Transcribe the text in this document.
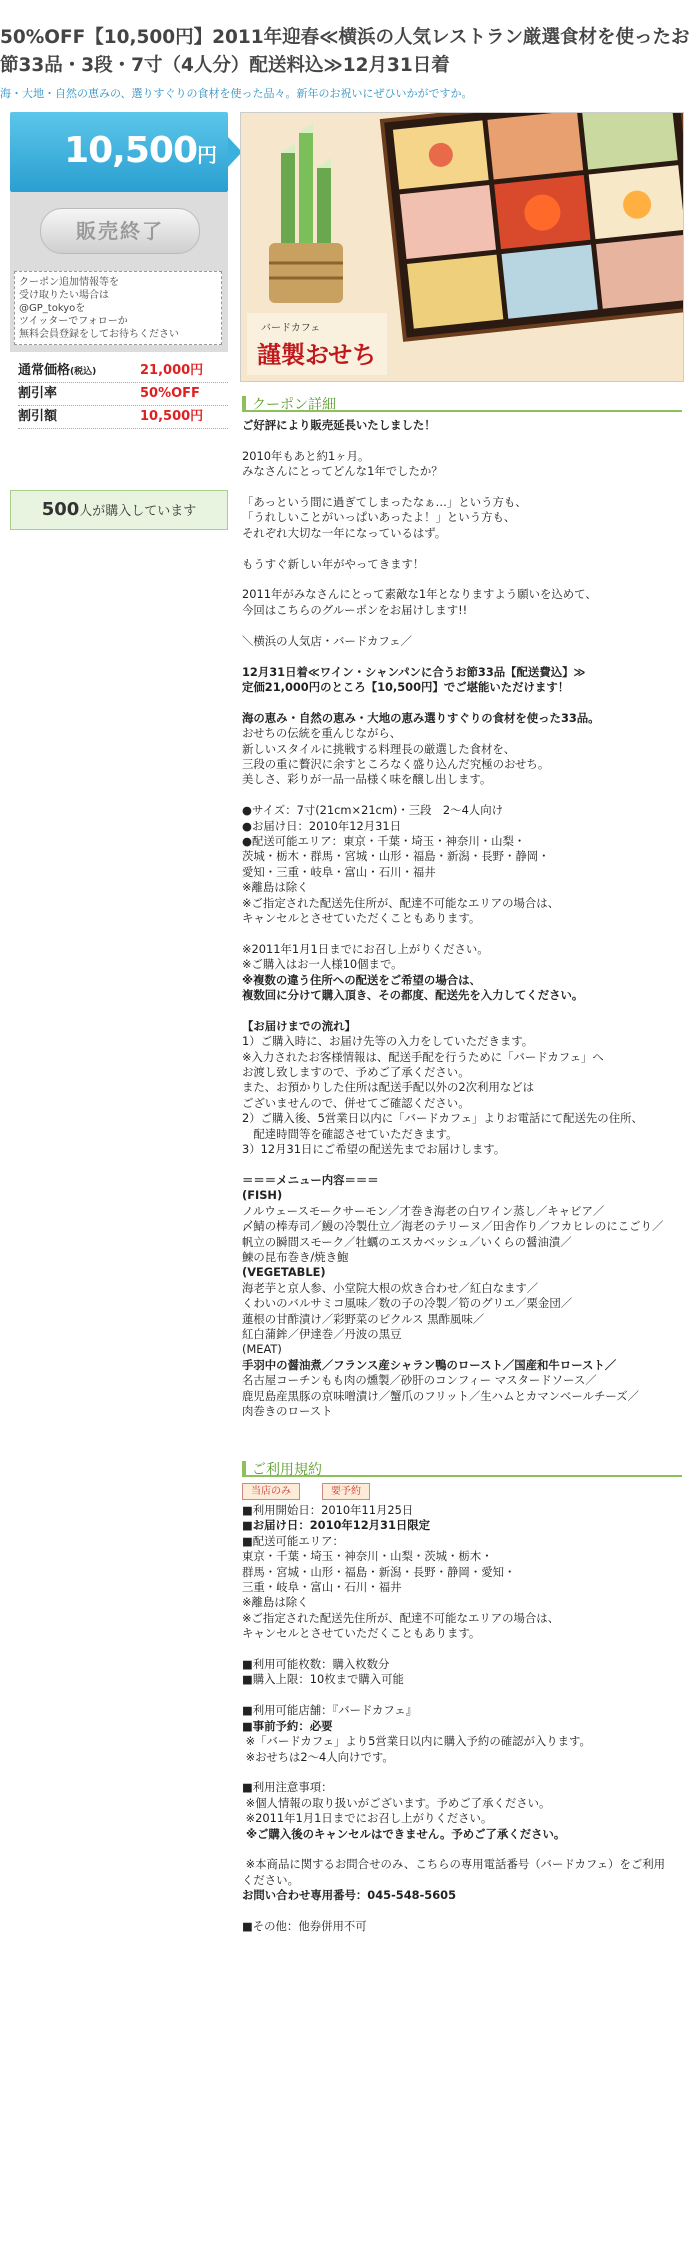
50%OFF【10,500円】2011年迎春≪横浜の人気レストラン厳選食材を使ったお節33品・3段・7寸（4人分）配送料込≫12月31日着
海・大地・自然の恵みの、選りすぐりの食材を使った品々。新年のお祝いにぜひいかがですか。
10,500円
販売終了
クーポン追加情報等を
受け取りたい場合は
@GP_tokyoを
ツイッターでフォローか
無料会員登録をしてお待ちください
通常価格(税込)	21,000円
割引率	50%OFF
割引額	10,500円
500人が購入しています
バードカフェ
謹製おせち
クーポン詳細

ご好評により販売延長いたしました！

2010年もあと約1ヶ月。

みなさんにとってどんな1年でしたか？

「あっという間に過ぎてしまったなぁ…」という方も、

「うれしいことがいっぱいあったよ！」という方も、

それぞれ大切な一年になっているはず。

もうすぐ新しい年がやってきます！

2011年がみなさんにとって素敵な1年となりますよう願いを込めて、

今回はこちらのグルーポンをお届けします!!

＼横浜の人気店・バードカフェ／

12月31日着≪ワイン・シャンパンに合うお節33品【配送費込】≫

定価21,000円のところ【10,500円】でご堪能いただけます！

海の恵み・自然の恵み・大地の恵み選りすぐりの食材を使った33品。

おせちの伝統を重んじながら、

新しいスタイルに挑戦する料理長の厳選した食材を、

三段の重に贅沢に余すところなく盛り込んだ究極のおせち。

美しさ、彩りが一品一品様く味を醸し出します。

●サイズ：7寸(21cm×21cm)・三段　2〜4人向け

●お届け日：2010年12月31日

●配送可能エリア：東京・千葉・埼玉・神奈川・山梨・

茨城・栃木・群馬・宮城・山形・福島・新潟・長野・静岡・

愛知・三重・岐阜・富山・石川・福井

※離島は除く

※ご指定された配送先住所が、配達不可能なエリアの場合は、

キャンセルとさせていただくこともあります。

※2011年1月1日までにお召し上がりください。

※ご購入はお一人様10個まで。

※複数の違う住所への配送をご希望の場合は、

複数回に分けて購入頂き、その都度、配送先を入力してください。

【お届けまでの流れ】

1）ご購入時に、お届け先等の入力をしていただきます。

※入力されたお客様情報は、配送手配を行うために「バードカフェ」へ

お渡し致しますので、予めご了承ください。

また、お預かりした住所は配送手配以外の2次利用などは

ございませんので、併せてご確認ください。

2）ご購入後、5営業日以内に「バードカフェ」よりお電話にて配送先の住所、

　配達時間等を確認させていただきます。

3）12月31日にご希望の配送先までお届けします。

＝＝＝メニュー内容＝＝＝

(FISH)

ノルウェースモークサーモン／才巻き海老の白ワイン蒸し／キャビア／

〆鯖の棒寿司／鰻の冷製仕立／海老のテリーヌ／田舎作り／フカヒレのにこごり／

帆立の瞬間スモーク／牡蠣のエスカベッシュ／いくらの醤油漬／

鰊の昆布巻き/焼き鮑

(VEGETABLE)

海老芋と京人参、小堂院大根の炊き合わせ／紅白なます／

くわいのバルサミコ風味／数の子の冷製／筍のグリエ／栗金団／

蓮根の甘酢漬け／彩野菜のピクルス 黒酢風味／

紅白蒲鉾／伊達巻／丹波の黒豆

(MEAT)

手羽中の醤油煮／フランス産シャラン鴨のロースト／国産和牛ロースト／

名古屋コーチンもも肉の燻製／砂肝のコンフィー マスタードソース／

鹿児島産黒豚の京味噌漬け／蟹爪のフリット／生ハムとカマンベールチーズ／

肉巻きのロースト

ご利用規約
当店のみ	要予約

■利用開始日：2010年11月25日

■お届け日：2010年12月31日限定

■配送可能エリア：

東京・千葉・埼玉・神奈川・山梨・茨城・栃木・

群馬・宮城・山形・福島・新潟・長野・静岡・愛知・

三重・岐阜・富山・石川・福井

※離島は除く

※ご指定された配送先住所が、配達不可能なエリアの場合は、

キャンセルとさせていただくこともあります。

■利用可能枚数：購入枚数分

■購入上限：10枚まで購入可能

■利用可能店舗：『バードカフェ』

■事前予約：必要

※「バードカフェ」より5営業日以内に購入予約の確認が入ります。

※おせちは2〜4人向けです。

■利用注意事項：

※個人情報の取り扱いがございます。予めご了承ください。

※2011年1月1日までにお召し上がりください。

※ご購入後のキャンセルはできません。予めご了承ください。

※本商品に関するお問合せのみ、こちらの専用電話番号（バードカフェ）をご利用

ください。

お問い合わせ専用番号：045-548-5605

■その他：他券併用不可
